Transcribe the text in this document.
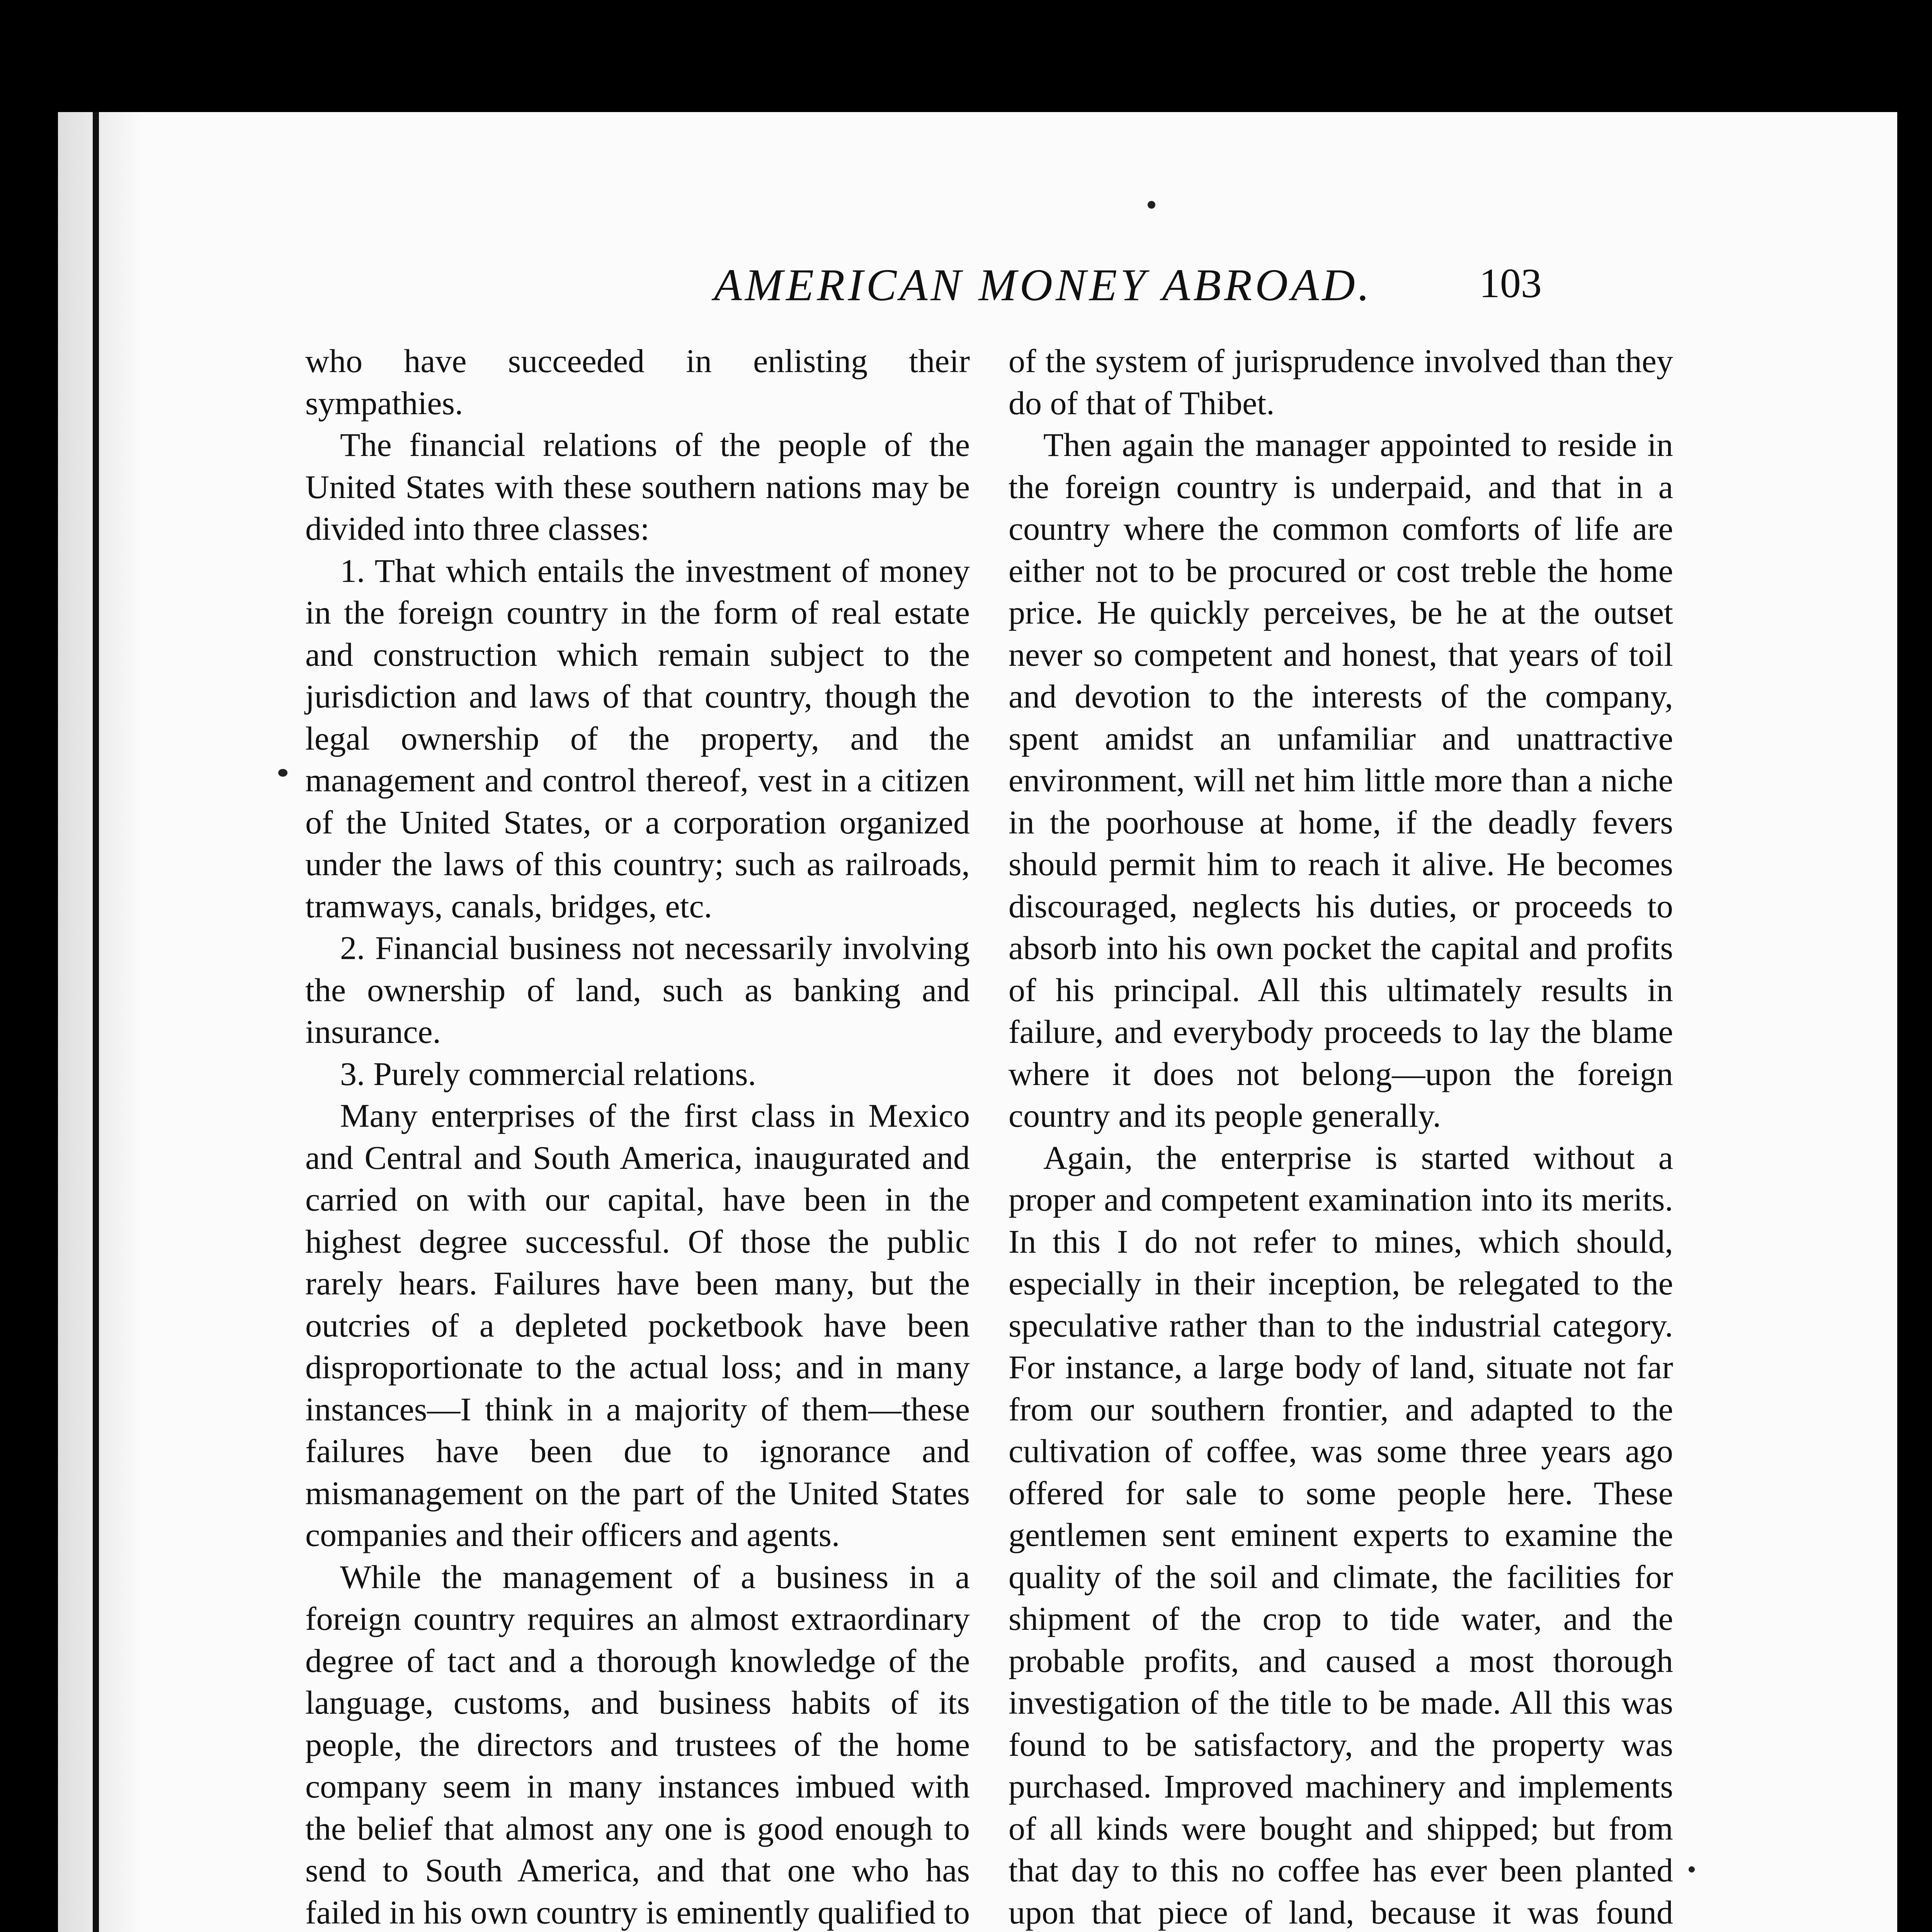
AMERICAN MONEY ABROAD.	103

who have succeeded in enlisting their sympathies.

The financial relations of the people of the United States with these southern nations may be divided into three classes:

1. That which entails the investment of money in the foreign country in the form of real estate and construction which remain subject to the jurisdiction and laws of that country, though the legal ownership of the property, and the management and control thereof, vest in a citizen of the United States, or a corporation organized under the laws of this country; such as railroads, tramways, canals, bridges, etc.

2. Financial business not necessarily involving the ownership of land, such as banking and insurance.

3. Purely commercial relations.

Many enterprises of the first class in Mexico and Central and South America, inaugurated and carried on with our capital, have been in the highest degree successful. Of those the public rarely hears. Failures have been many, but the outcries of a depleted pocketbook have been disproportionate to the actual loss; and in many instances—I think in a majority of them—these failures have been due to ignorance and mismanagement on the part of the United States companies and their officers and agents.

While the management of a business in a foreign country requires an almost extraordinary degree of tact and a thorough knowledge of the language, customs, and business habits of its people, the directors and trustees of the home company seem in many instances imbued with the belief that almost any one is good enough to send to South America, and that one who has failed in his own country is eminently qualified to

of the system of jurisprudence involved than they do of that of Thibet.

Then again the manager appointed to reside in the foreign country is underpaid, and that in a country where the common comforts of life are either not to be procured or cost treble the home price. He quickly perceives, be he at the outset never so competent and honest, that years of toil and devotion to the interests of the company, spent amidst an unfamiliar and unattractive environment, will net him little more than a niche in the poorhouse at home, if the deadly fevers should permit him to reach it alive. He becomes discouraged, neglects his duties, or proceeds to absorb into his own pocket the capital and profits of his principal. All this ultimately results in failure, and everybody proceeds to lay the blame where it does not belong—upon the foreign country and its people generally.

Again, the enterprise is started without a proper and competent examination into its merits. In this I do not refer to mines, which should, especially in their inception, be relegated to the speculative rather than to the industrial category. For instance, a large body of land, situate not far from our southern frontier, and adapted to the cultivation of coffee, was some three years ago offered for sale to some people here. These gentlemen sent eminent experts to examine the quality of the soil and climate, the facilities for shipment of the crop to tide water, and the probable profits, and caused a most thorough investigation of the title to be made. All this was found to be satisfactory, and the property was purchased. Improved machinery and implements of all kinds were bought and shipped; but from that day to this no coffee has ever been planted upon that piece of land, because it was found
